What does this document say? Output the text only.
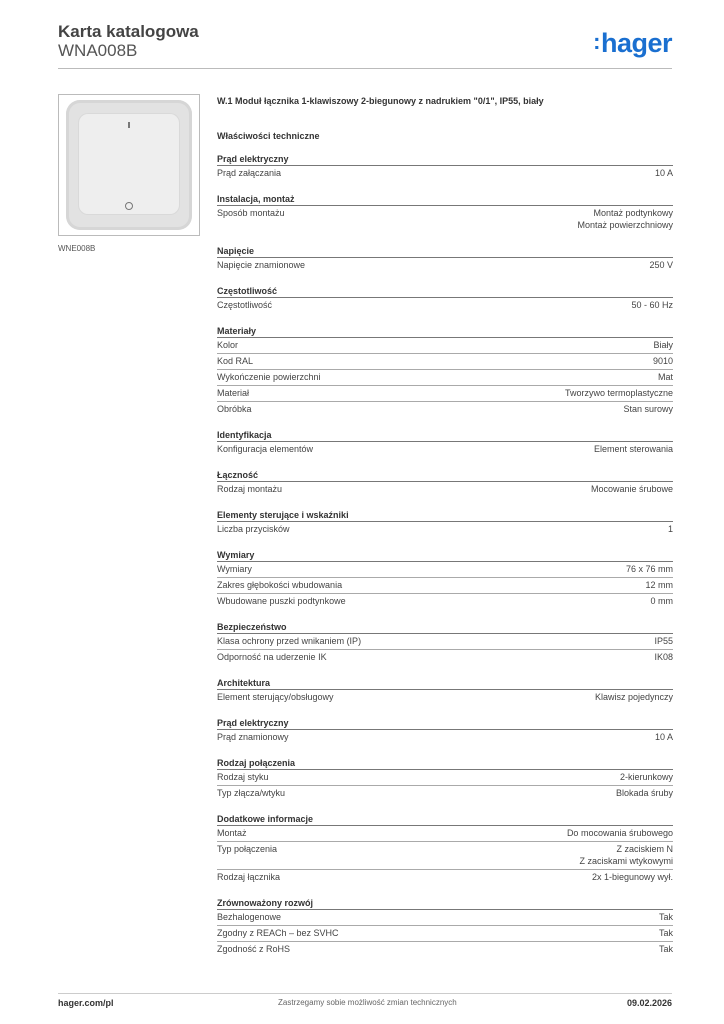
Karta katalogowa
WNA008B	:hager
WNE008B
W.1 Moduł łącznika 1-klawiszowy 2-biegunowy z nadrukiem "0/1", IP55, biały
Właściwości techniczne
Prąd elektryczny
Prąd załączania	10 A
Instalacja, montaż
Sposób montażu	Montaż podtynkowy
Montaż powierzchniowy
Napięcie
Napięcie znamionowe	250 V
Częstotliwość
Częstotliwość	50 - 60 Hz
Materiały
Kolor	Biały
Kod RAL	9010
Wykończenie powierzchni	Mat
Materiał	Tworzywo termoplastyczne
Obróbka	Stan surowy
Identyfikacja
Konfiguracja elementów	Element sterowania
Łączność
Rodzaj montażu	Mocowanie śrubowe
Elementy sterujące i wskaźniki
Liczba przycisków	1
Wymiary
Wymiary	76 x 76 mm
Zakres głębokości wbudowania	12 mm
Wbudowane puszki podtynkowe	0 mm
Bezpieczeństwo
Klasa ochrony przed wnikaniem (IP)	IP55
Odporność na uderzenie IK	IK08
Architektura
Element sterujący/obsługowy	Klawisz pojedynczy
Prąd elektryczny
Prąd znamionowy	10 A
Rodzaj połączenia
Rodzaj styku	2-kierunkowy
Typ złącza/wtyku	Blokada śruby
Dodatkowe informacje
Montaż	Do mocowania śrubowego
Typ połączenia	Z zaciskiem N
Z zaciskami wtykowymi
Rodzaj łącznika	2x 1-biegunowy wył.
Zrównoważony rozwój
Bezhalogenowe	Tak
Zgodny z REACh – bez SVHC	Tak
Zgodność z RoHS	Tak
hager.com/pl	Zastrzegamy sobie możliwość zmian technicznych	09.02.2026
